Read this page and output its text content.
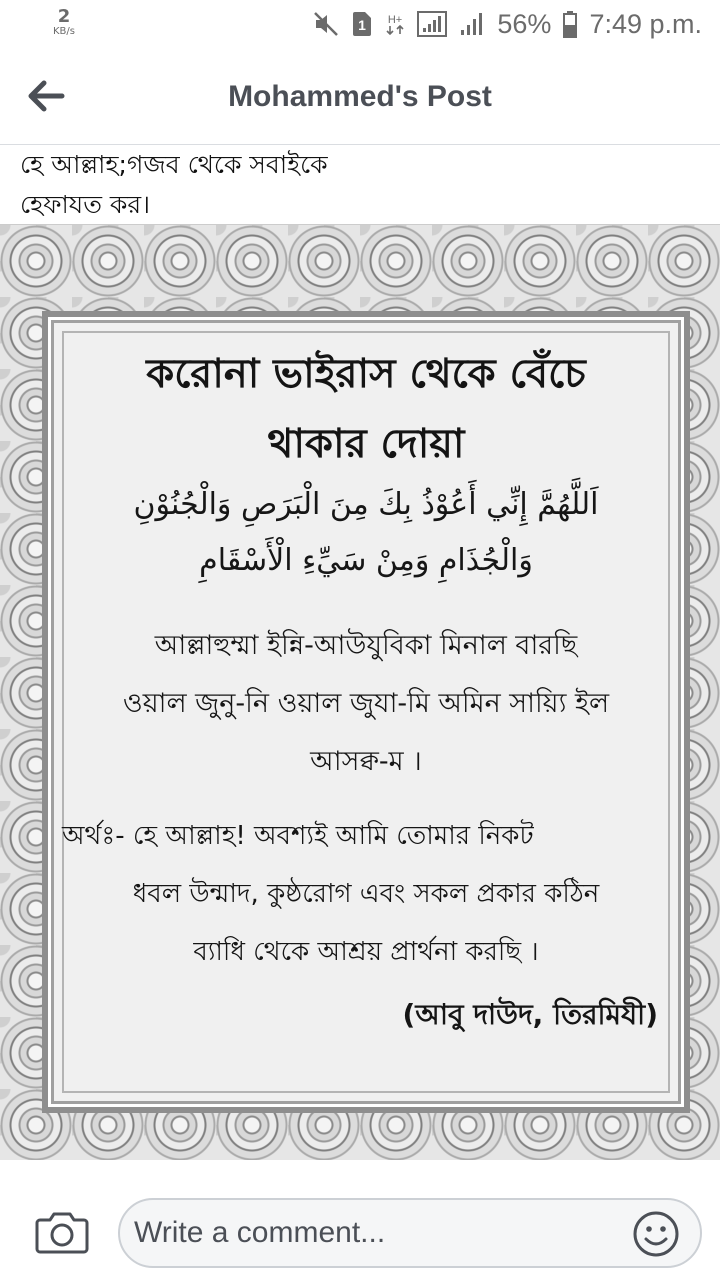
2
KB/s	1 H+	56% 7:49 p.m.
Mohammed's Post
হে আল্লাহ;গজব থেকে সবাইকে
হেফাযত কর।
করোনা ভাইরাস থেকে বেঁচে
থাকার দোয়া
اَللَّهُمَّ إِنِّي أَعُوْذُ بِكَ مِنَ الْبَرَصِ وَالْجُنُوْنِ
وَالْجُذَامِ وَمِنْ سَيِّءِ الْأَسْقَامِ
আল্লাহুম্মা ইন্নি-আউযুবিকা মিনাল বারছি
ওয়াল জুনু-নি ওয়াল জুযা-মি অমিন সায়্যি ইল
আসক্ব-ম ।
অর্থঃ- হে আল্লাহ! অবশ্যই আমি তোমার নিকট
ধবল উন্মাদ, কুষ্ঠরোগ এবং সকল প্রকার কঠিন
ব্যাধি থেকে আশ্রয় প্রার্থনা করছি ।
(আবু দাউদ, তিরমিযী)
Write a comment...
